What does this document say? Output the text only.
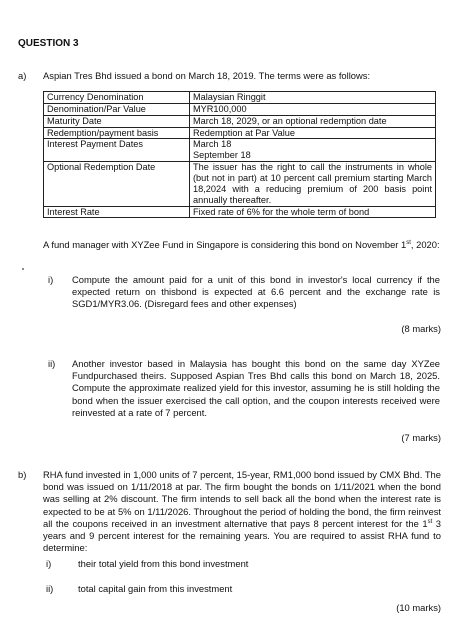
QUESTION 3
a) Aspian Tres Bhd issued a bond on March 18, 2019. The terms were as follows:
Currency Denomination	Malaysian Ringgit

Denomination/Par Value	MYR100,000

Maturity Date	March 18, 2029, or an optional redemption date

Redemption/payment basis	Redemption at Par Value

Interest Payment Dates	March 18
September 18

Optional Redemption Date	The issuer has the right to call the instruments in whole (but not in part) at 10 percent call premium starting March 18,2024 with a reducing premium of 200 basis point annually thereafter.

Interest Rate	Fixed rate of 6% for the whole term of bond
A fund manager with XYZee Fund in Singapore is considering this bond on November 1st, 2020:
i) Compute the amount paid for a unit of this bond in investor's local currency if the expected return on thisbond is expected at 6.6 percent and the exchange rate is SGD1/MYR3.06. (Disregard fees and other expenses)
(8 marks)
ii) Another investor based in Malaysia has bought this bond on the same day XYZee Fundpurchased theirs. Supposed Aspian Tres Bhd calls this bond on March 18, 2025. Compute the approximate realized yield for this investor, assuming he is still holding the bond when the issuer exercised the call option, and the coupon interests received were reinvested at a rate of 7 percent.
(7 marks)
b) RHA fund invested in 1,000 units of 7 percent, 15-year, RM1,000 bond issued by CMX Bhd. The bond was issued on 1/11/2018 at par. The firm bought the bonds on 1/11/2021 when the bond was selling at 2% discount. The firm intends to sell back all the bond when the interest rate is expected to be at 5% on 1/11/2026. Throughout the period of holding the bond, the firm reinvest all the coupons received in an investment alternative that pays 8 percent interest for the 1st 3 years and 9 percent interest for the remaining years. You are required to assist RHA fund to determine:
i)	their total yield from this bond investment
ii)	total capital gain from this investment
(10 marks)
